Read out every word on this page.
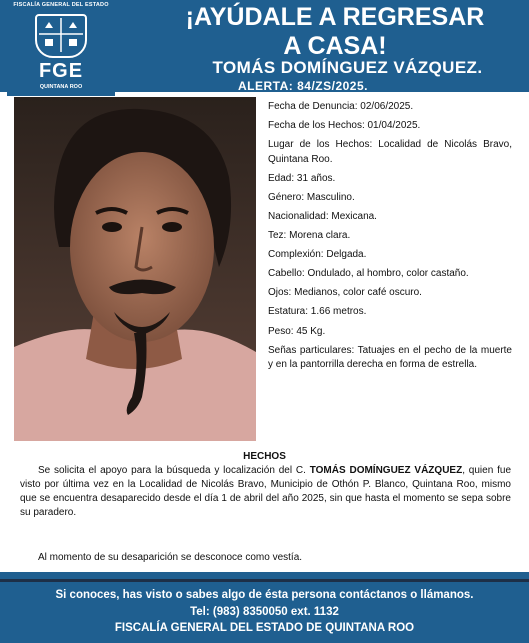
FISCALÍA GENERAL DEL ESTADO
FGE
QUINTANA ROO
¡AYÚDALE A REGRESAR
A CASA!
TOMÁS DOMÍNGUEZ VÁZQUEZ.
ALERTA: 84/ZS/2025.
Fecha de Denuncia: 02/06/2025.
Fecha de los Hechos: 01/04/2025.
Lugar de los Hechos: Localidad de Nicolás Bravo, Quintana Roo.
Edad: 31 años.
Género: Masculino.
Nacionalidad: Mexicana.
Tez: Morena clara.
Complexión: Delgada.
Cabello: Ondulado, al hombro, color castaño.
Ojos: Medianos, color café oscuro.
Estatura: 1.66 metros.
Peso: 45 Kg.
Señas particulares: Tatuajes en el pecho de la muerte y en la pantorrilla derecha en forma de estrella.
HECHOS

Se solicita el apoyo para la búsqueda y localización del C. TOMÁS DOMÍNGUEZ VÁZQUEZ, quien fue visto por última vez en la Localidad de Nicolás Bravo, Municipio de Othón P. Blanco, Quintana Roo, mismo que se encuentra desaparecido desde el día 1 de abril del año 2025, sin que hasta el momento se sepa sobre su paradero.

Al momento de su desaparición se desconoce como vestía.
Si conoces, has visto o sabes algo de ésta persona contáctanos o llámanos.
Tel: (983) 8350050 ext. 1132
FISCALÍA GENERAL DEL ESTADO DE QUINTANA ROO
